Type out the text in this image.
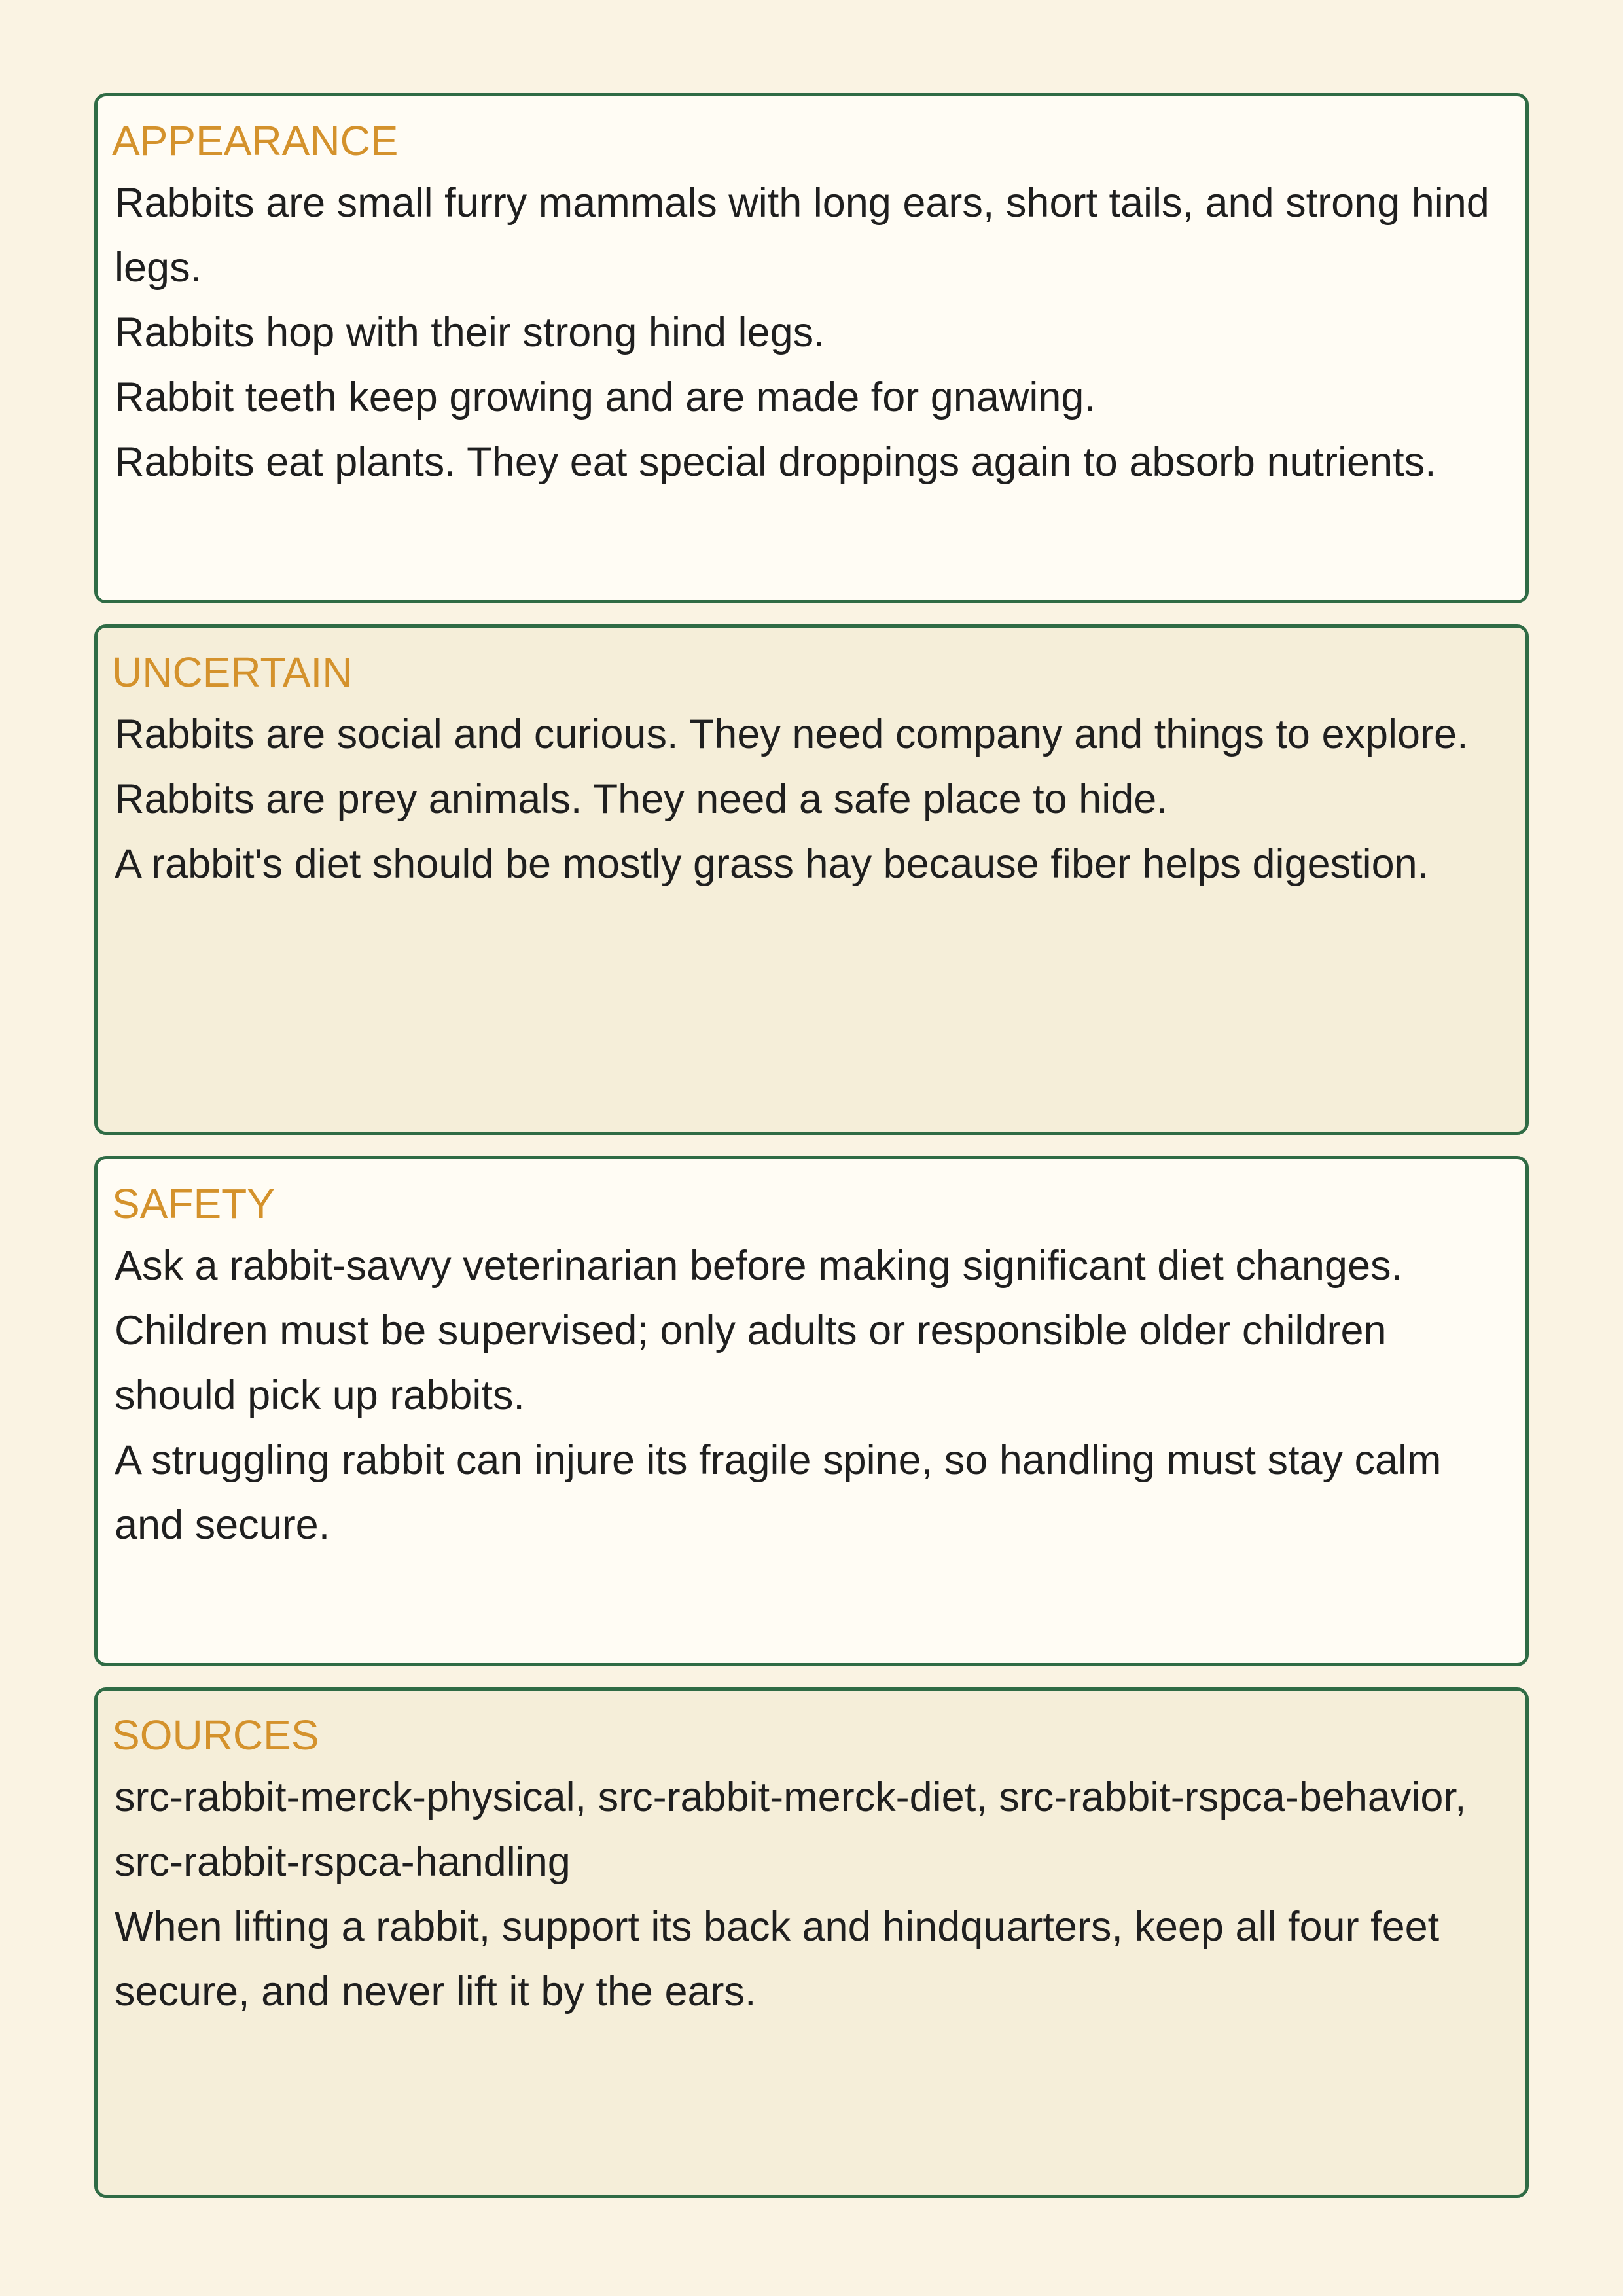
APPEARANCE

Rabbits are small furry mammals with long ears, short tails, and strong hind legs.

Rabbits hop with their strong hind legs.

Rabbit teeth keep growing and are made for gnawing.

Rabbits eat plants. They eat special droppings again to absorb nutrients.

UNCERTAIN

Rabbits are social and curious. They need company and things to explore.

Rabbits are prey animals. They need a safe place to hide.

A rabbit's diet should be mostly grass hay because fiber helps digestion.

SAFETY

Ask a rabbit-savvy veterinarian before making significant diet changes.

Children must be supervised; only adults or responsible older children should pick up rabbits.

A struggling rabbit can injure its fragile spine, so handling must stay calm and secure.

SOURCES

src-rabbit-merck-physical, src-rabbit-merck-diet, src-rabbit-rspca-behavior, src-rabbit-rspca-handling

When lifting a rabbit, support its back and hindquarters, keep all four feet secure, and never lift it by the ears.
